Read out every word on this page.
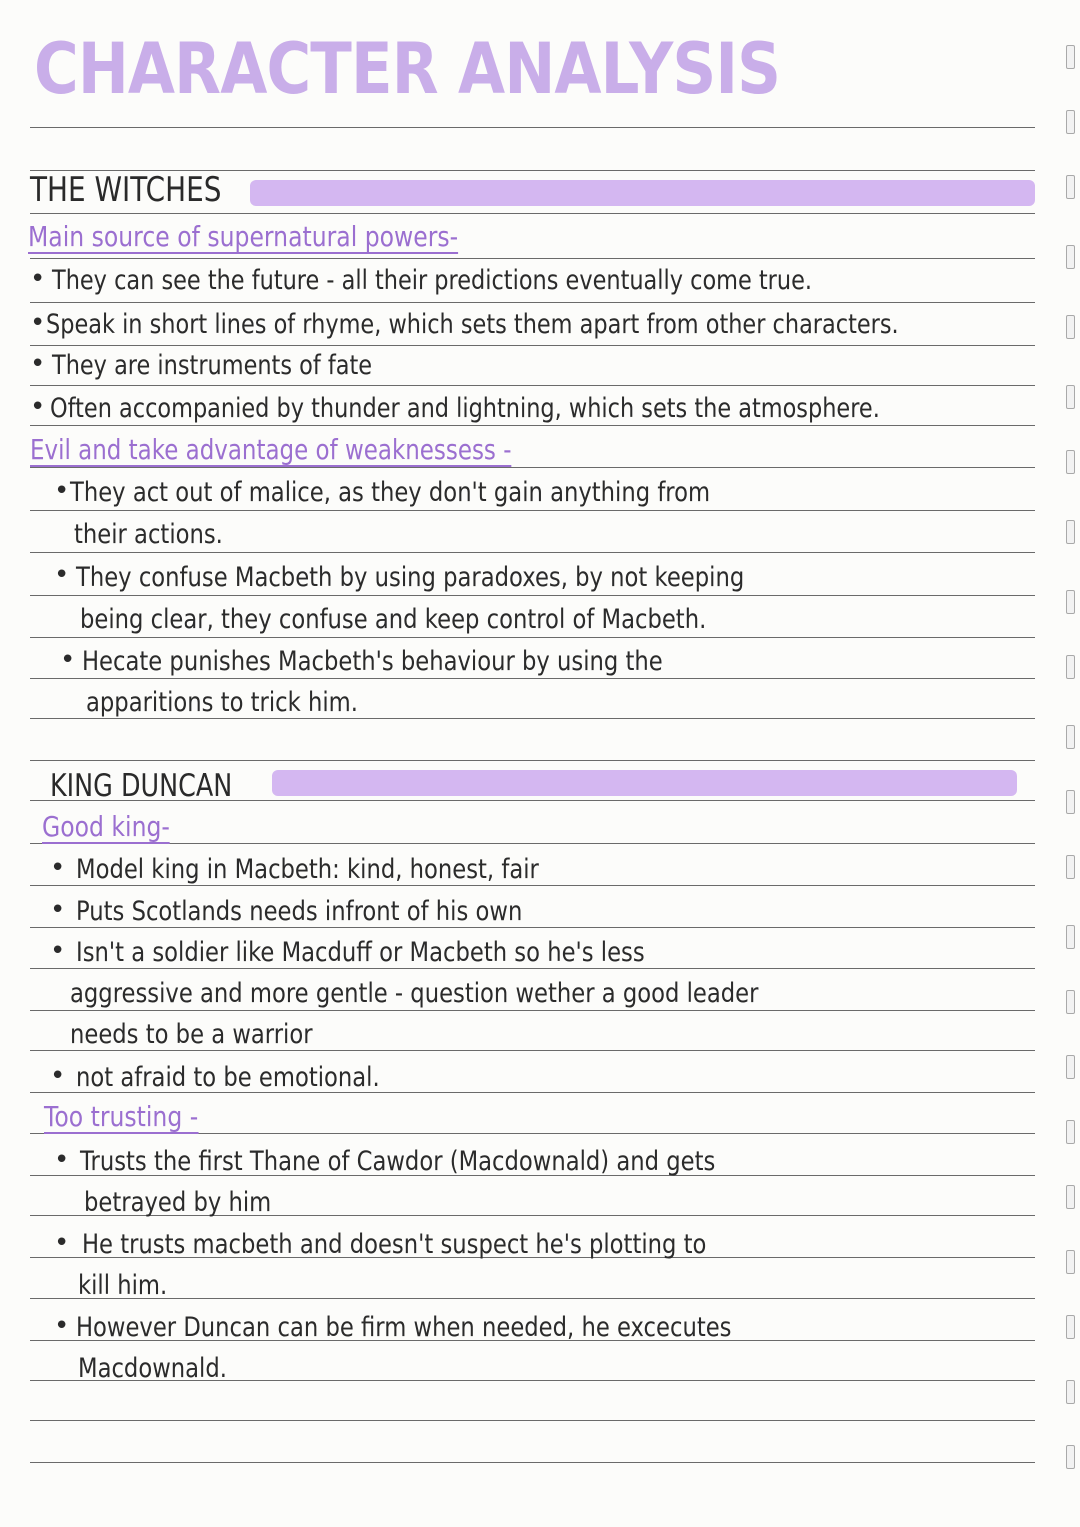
CHARACTER ANALYSIS
THE WITCHES
Main source of supernatural powers-
• They can see the future - all their predictions eventually come true.
• Speak in short lines of rhyme, which sets them apart from other characters.
• They are instruments of fate
• Often accompanied by thunder and lightning, which sets the atmosphere.
Evil and take advantage of weaknessess -
• They act out of malice, as they don't gain anything from
their actions.
• They confuse Macbeth by using paradoxes, by not keeping
being clear, they confuse and keep control of Macbeth.
• Hecate punishes Macbeth's behaviour by using the
apparitions to trick him.
KING DUNCAN
Good king-
• Model king in Macbeth: kind, honest, fair
• Puts Scotlands needs infront of his own
• Isn't a soldier like Macduff or Macbeth so he's less
aggressive and more gentle - question wether a good leader
needs to be a warrior
• not afraid to be emotional.
Too trusting -
• Trusts the first Thane of Cawdor (Macdownald) and gets
betrayed by him
• He trusts macbeth and doesn't suspect he's plotting to
kill him.
• However Duncan can be firm when needed, he excecutes
Macdownald.
